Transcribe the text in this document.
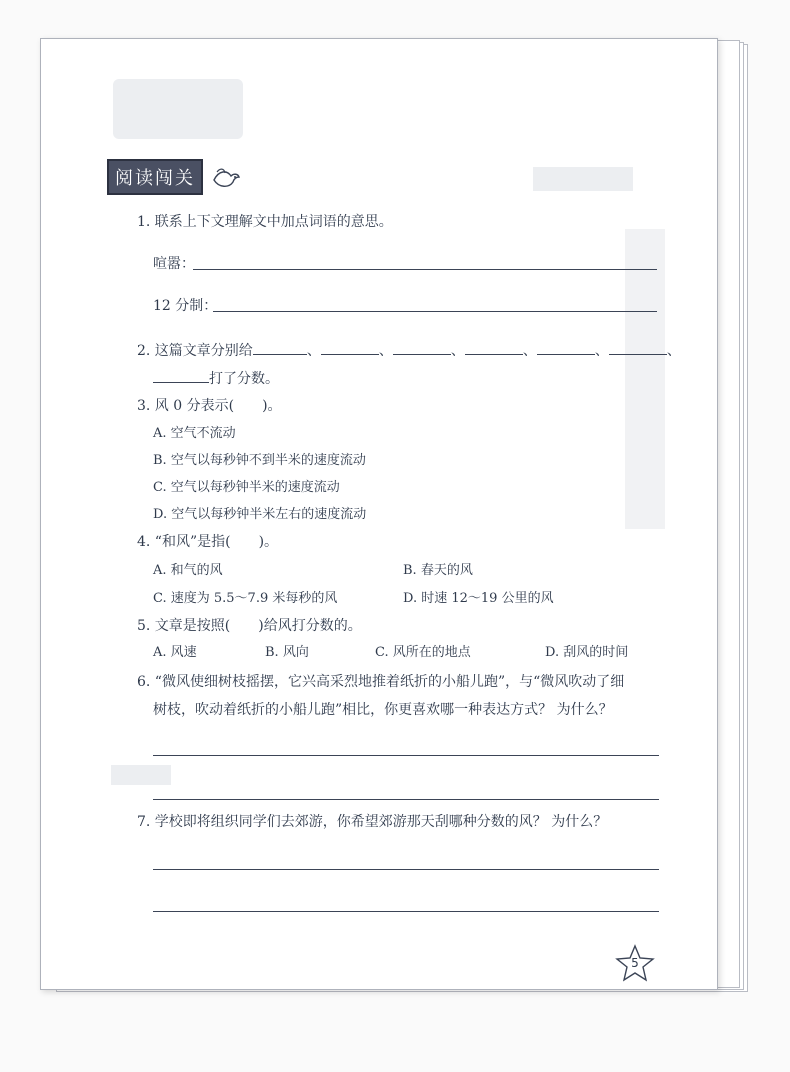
阅读闯关
1. 联系上下文理解文中加点词语的意思。
喧嚣：
12 分制：
2. 这篇文章分别给	、	、	、	、	、	、
打了分数。
3. 风 0 分表示(　　)。
A. 空气不流动
B. 空气以每秒钟不到半米的速度流动
C. 空气以每秒钟半米的速度流动
D. 空气以每秒钟半米左右的速度流动
4. “和风”是指(　　)。
A. 和气的风	B. 春天的风
C. 速度为 5.5～7.9 米每秒的风	D. 时速 12～19 公里的风
5. 文章是按照(　　)给风打分数的。
A. 风速	B. 风向	C. 风所在的地点	D. 刮风的时间
6. “微风使细树枝摇摆，它兴高采烈地推着纸折的小船儿跑”，与“微风吹动了细
树枝，吹动着纸折的小船儿跑”相比，你更喜欢哪一种表达方式？ 为什么？
7. 学校即将组织同学们去郊游，你希望郊游那天刮哪种分数的风？ 为什么？
5
